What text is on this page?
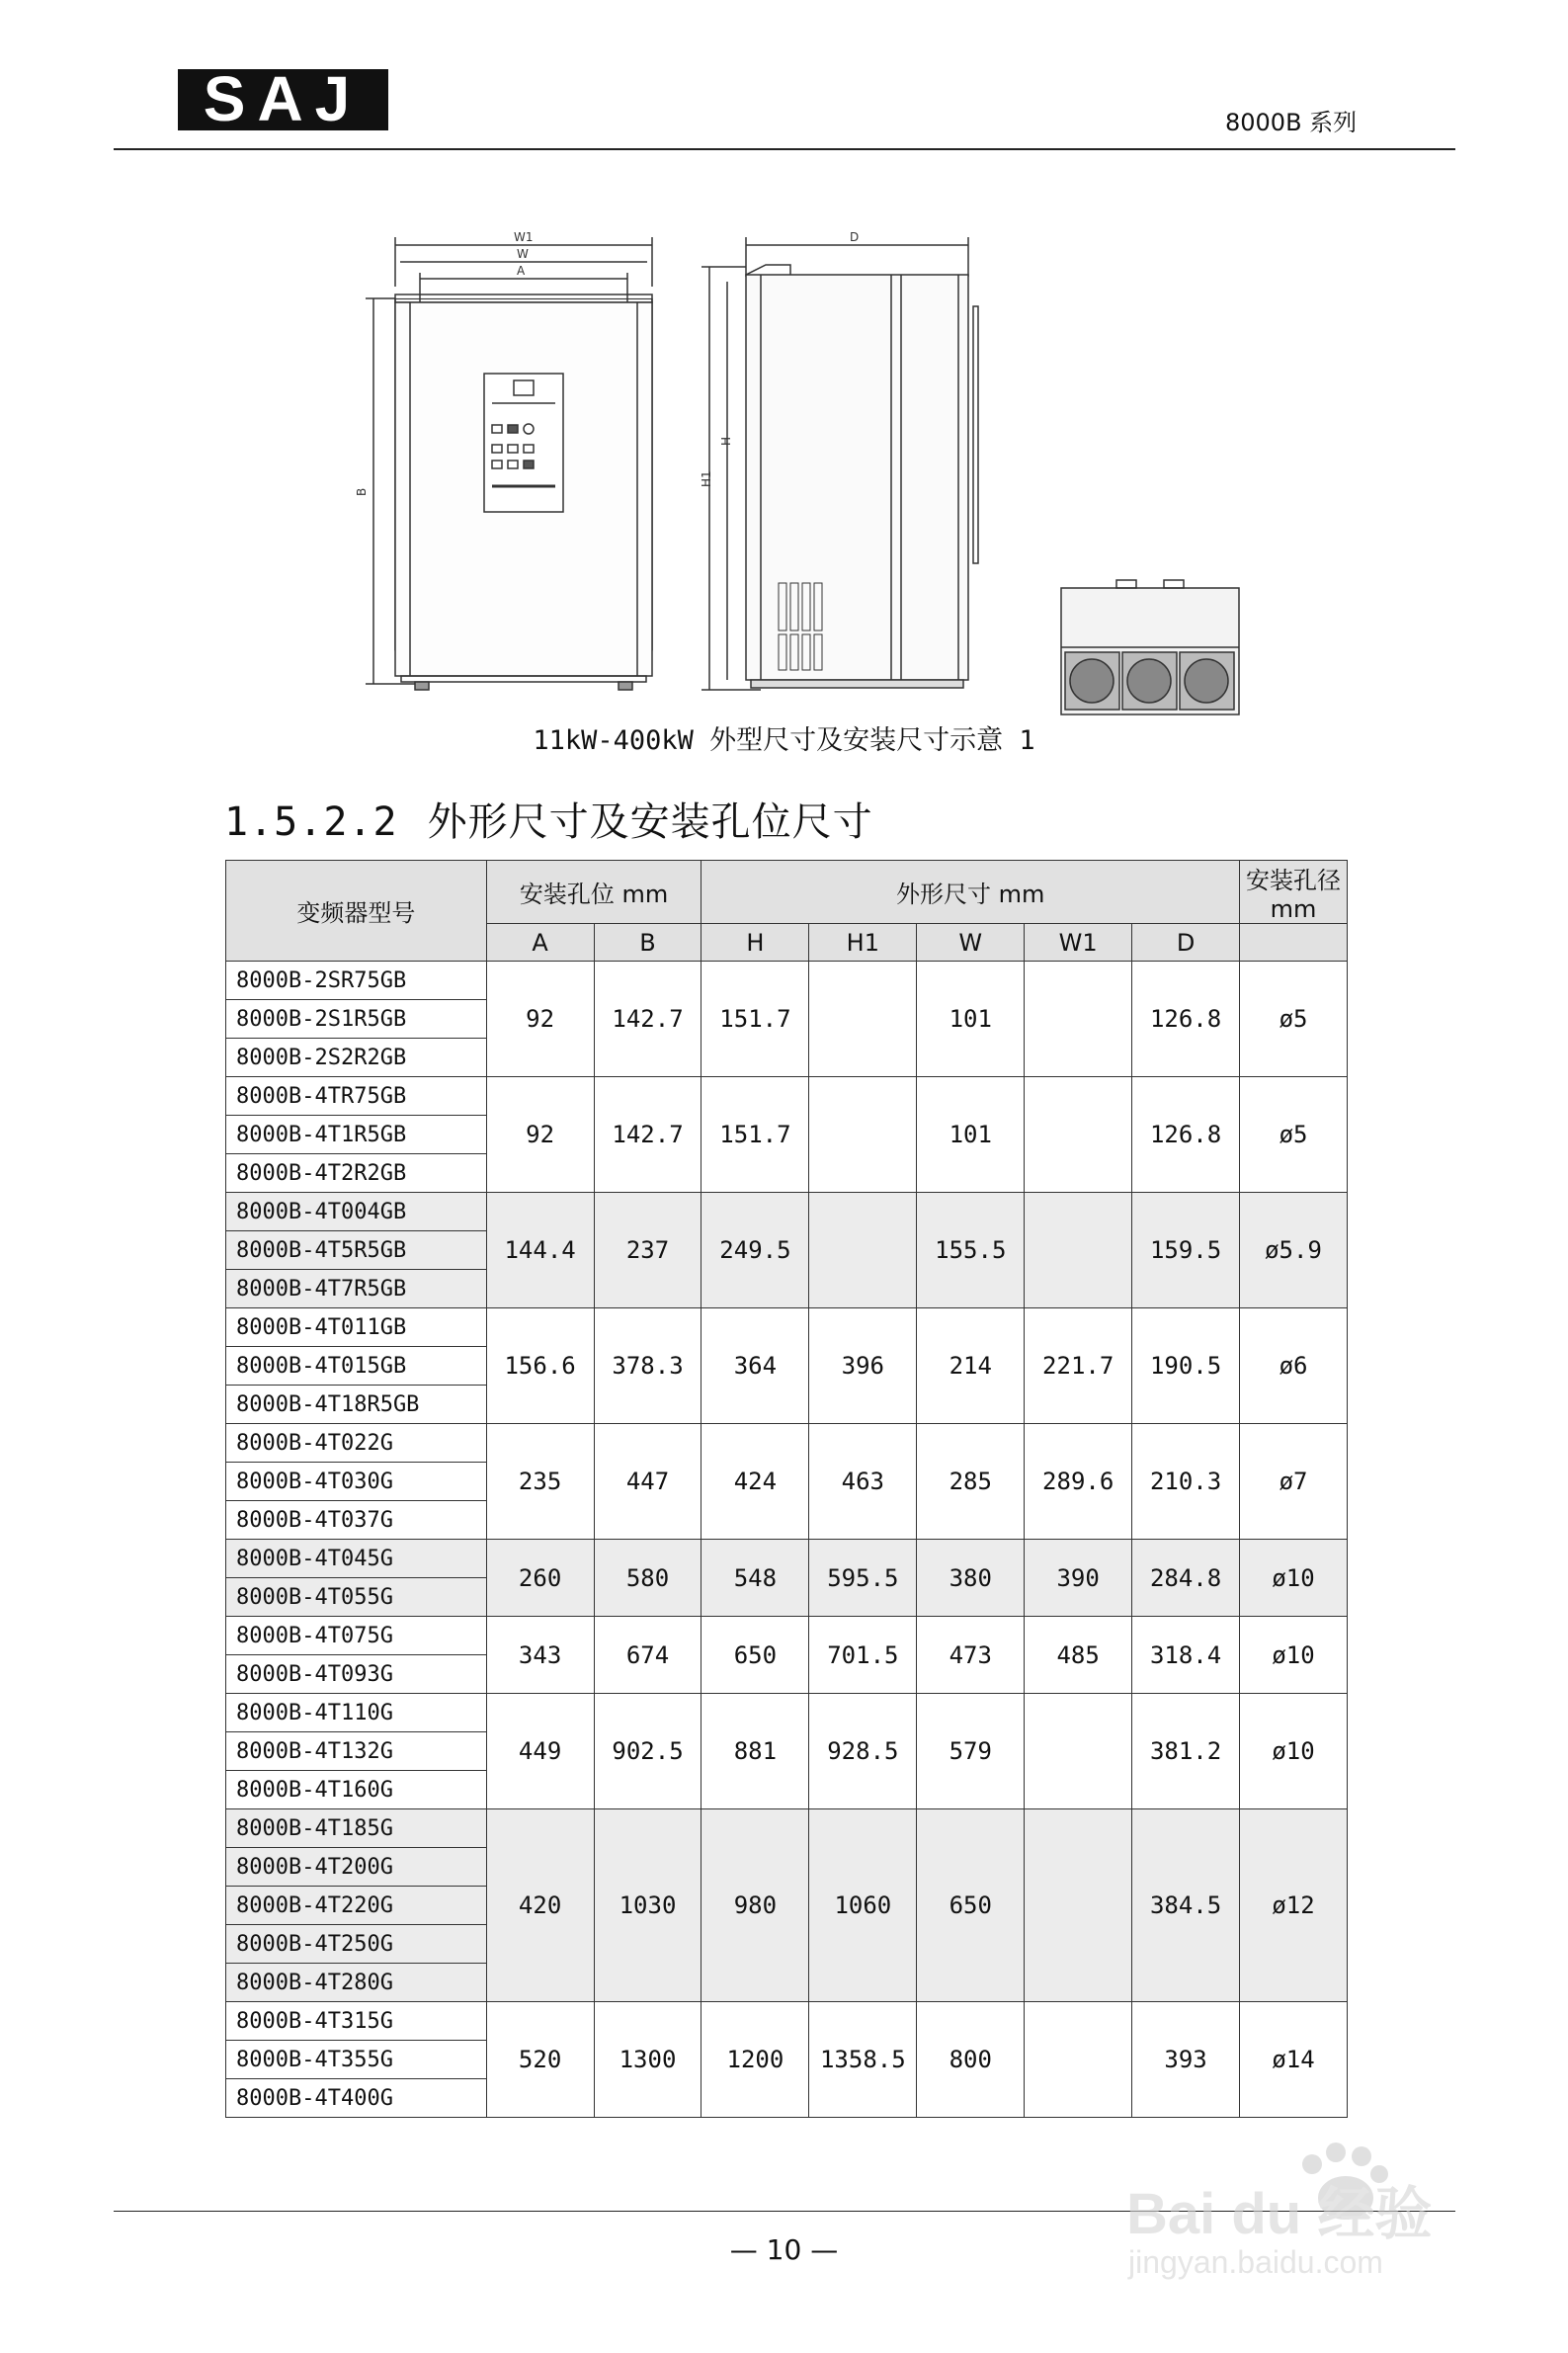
SAJ	8000B 系列
W1
W
A
B
D
H
H1
11kW-400kW 外型尺寸及安装尺寸示意 1
1.5.2.2 外形尺寸及安装孔位尺寸
变频器型号	安装孔位 mm		外形尺寸 mm					安装孔径 mm
	A	B	H	H1	W	W1	D	
8000B-2SR75GB	92	142.7	151.7		101		126.8	ø5
8000B-2S1R5GB								
8000B-2S2R2GB								
8000B-4TR75GB	92	142.7	151.7		101		126.8	ø5
8000B-4T1R5GB								
8000B-4T2R2GB								
8000B-4T004GB	144.4	237	249.5		155.5		159.5	ø5.9
8000B-4T5R5GB								
8000B-4T7R5GB								
8000B-4T011GB	156.6	378.3	364	396	214	221.7	190.5	ø6
8000B-4T015GB								
8000B-4T18R5GB								
8000B-4T022G	235	447	424	463	285	289.6	210.3	ø7
8000B-4T030G								
8000B-4T037G								
8000B-4T045G	260	580	548	595.5	380	390	284.8	ø10
8000B-4T055G								
8000B-4T075G	343	674	650	701.5	473	485	318.4	ø10
8000B-4T093G								
8000B-4T110G	449	902.5	881	928.5	579		381.2	ø10
8000B-4T132G								
8000B-4T160G								
8000B-4T185G	420	1030	980	1060	650		384.5	ø12
8000B-4T200G								
8000B-4T220G								
8000B-4T250G								
8000B-4T280G								
8000B-4T315G	520	1300	1200	1358.5	800		393	ø14
8000B-4T355G								
8000B-4T400G								
— 10 —
Bai du 经验
jingyan.baidu.com
